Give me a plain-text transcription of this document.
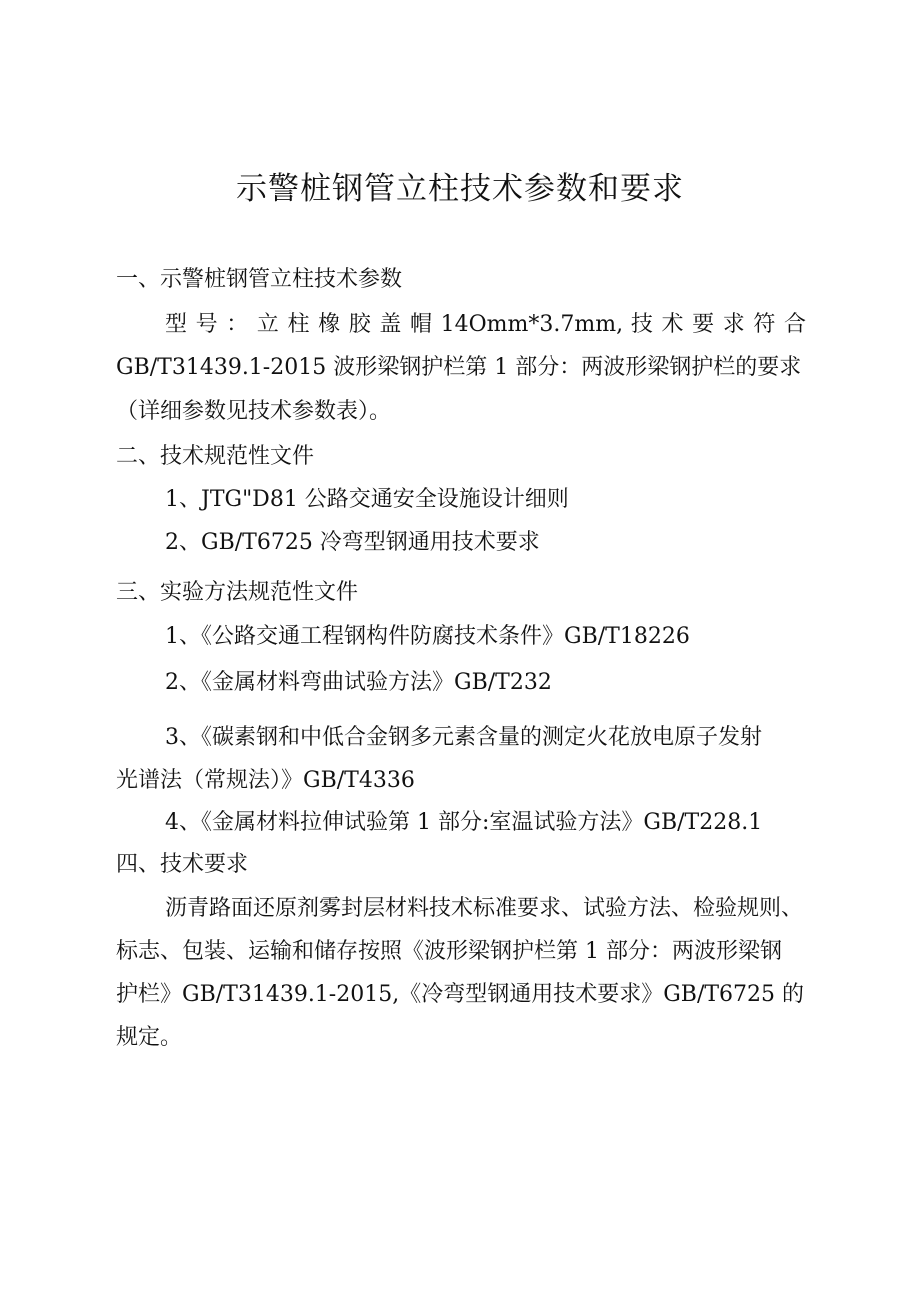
示警桩钢管立柱技术参数和要求
一、示警桩钢管立柱技术参数
型 号 ： 立 柱 橡 胶 盖 帽 14Omm*3.7mm, 技 术 要 求 符 合
GB/T31439.1-2015 波形梁钢护栏第 1 部分：两波形梁钢护栏的要求
（详细参数见技术参数表）。
二、技术规范性文件
1、JTG"D81 公路交通安全设施设计细则
2、GB/T6725 冷弯型钢通用技术要求
三、实验方法规范性文件
1、《公路交通工程钢构件防腐技术条件》GB/T18226
2、《金属材料弯曲试验方法》GB/T232
3、《碳素钢和中低合金钢多元素含量的测定火花放电原子发射
光谱法（常规法）》GB/T4336
4、《金属材料拉伸试验第 1 部分:室温试验方法》GB/T228.1
四、技术要求
沥青路面还原剂雾封层材料技术标准要求、试验方法、检验规则、
标志、包装、运输和储存按照《波形梁钢护栏第 1 部分：两波形梁钢
护栏》GB/T31439.1-2015,《冷弯型钢通用技术要求》GB/T6725 的
规定。
